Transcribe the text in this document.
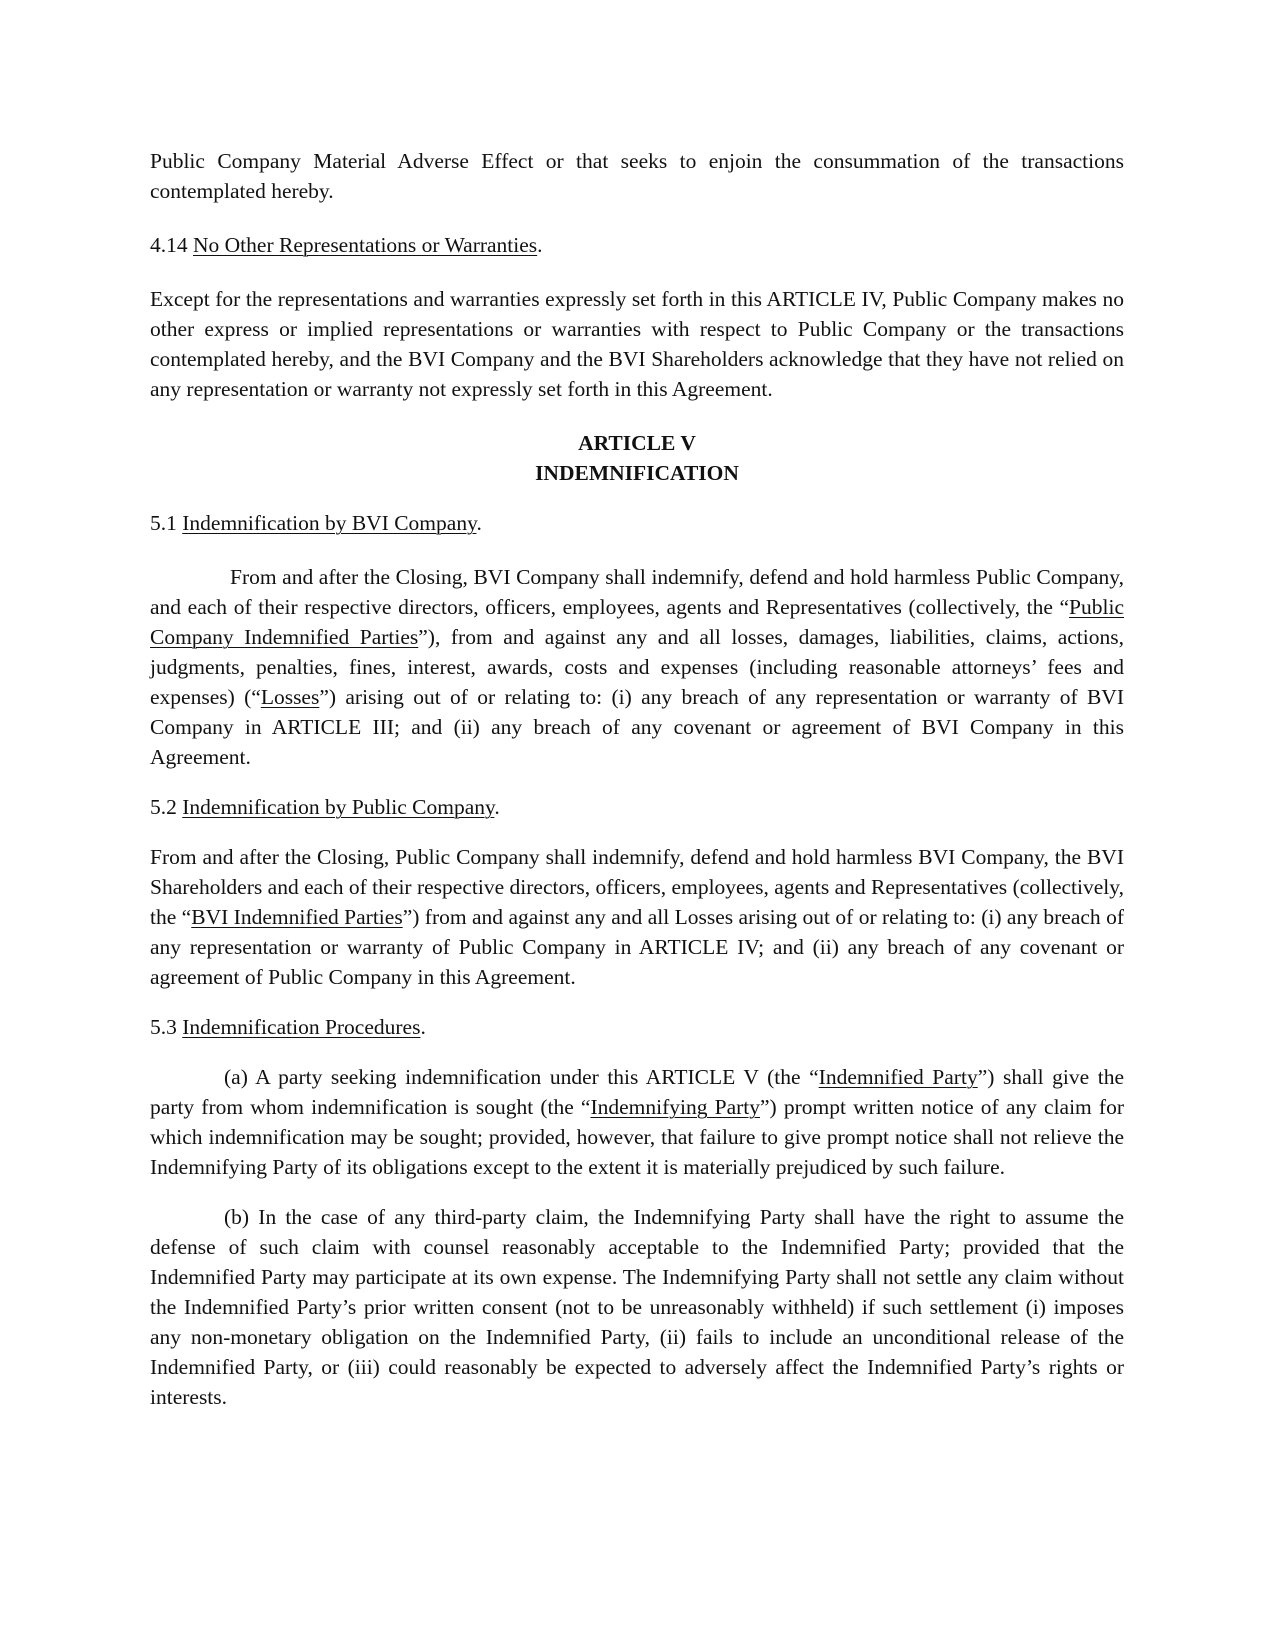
Public Company Material Adverse Effect or that seeks to enjoin the consummation of the transactions contemplated hereby.

4.14 No Other Representations or Warranties.

Except for the representations and warranties expressly set forth in this ARTICLE IV, Public Company makes no other express or implied representations or warranties with respect to Public Company or the transactions contemplated hereby, and the BVI Company and the BVI Shareholders acknowledge that they have not relied on any representation or warranty not expressly set forth in this Agreement.

ARTICLE V
INDEMNIFICATION

5.1 Indemnification by BVI Company.

From and after the Closing, BVI Company shall indemnify, defend and hold harmless Public Company, and each of their respective directors, officers, employees, agents and Representatives (collectively, the “Public Company Indemnified Parties”), from and against any and all losses, damages, liabilities, claims, actions, judgments, penalties, fines, interest, awards, costs and expenses (including reasonable attorneys’ fees and expenses) (“Losses”) arising out of or relating to: (i) any breach of any representation or warranty of BVI Company in ARTICLE III; and (ii) any breach of any covenant or agreement of BVI Company in this Agreement.

5.2 Indemnification by Public Company.

From and after the Closing, Public Company shall indemnify, defend and hold harmless BVI Company, the BVI Shareholders and each of their respective directors, officers, employees, agents and Representatives (collectively, the “BVI Indemnified Parties”) from and against any and all Losses arising out of or relating to: (i) any breach of any representation or warranty of Public Company in ARTICLE IV; and (ii) any breach of any covenant or agreement of Public Company in this Agreement.

5.3 Indemnification Procedures.

(a) A party seeking indemnification under this ARTICLE V (the “Indemnified Party”) shall give the party from whom indemnification is sought (the “Indemnifying Party”) prompt written notice of any claim for which indemnification may be sought; provided, however, that failure to give prompt notice shall not relieve the Indemnifying Party of its obligations except to the extent it is materially prejudiced by such failure.

(b) In the case of any third-party claim, the Indemnifying Party shall have the right to assume the defense of such claim with counsel reasonably acceptable to the Indemnified Party; provided that the Indemnified Party may participate at its own expense. The Indemnifying Party shall not settle any claim without the Indemnified Party’s prior written consent (not to be unreasonably withheld) if such settlement (i) imposes any non-monetary obligation on the Indemnified Party, (ii) fails to include an unconditional release of the Indemnified Party, or (iii) could reasonably be expected to adversely affect the Indemnified Party’s rights or interests.
